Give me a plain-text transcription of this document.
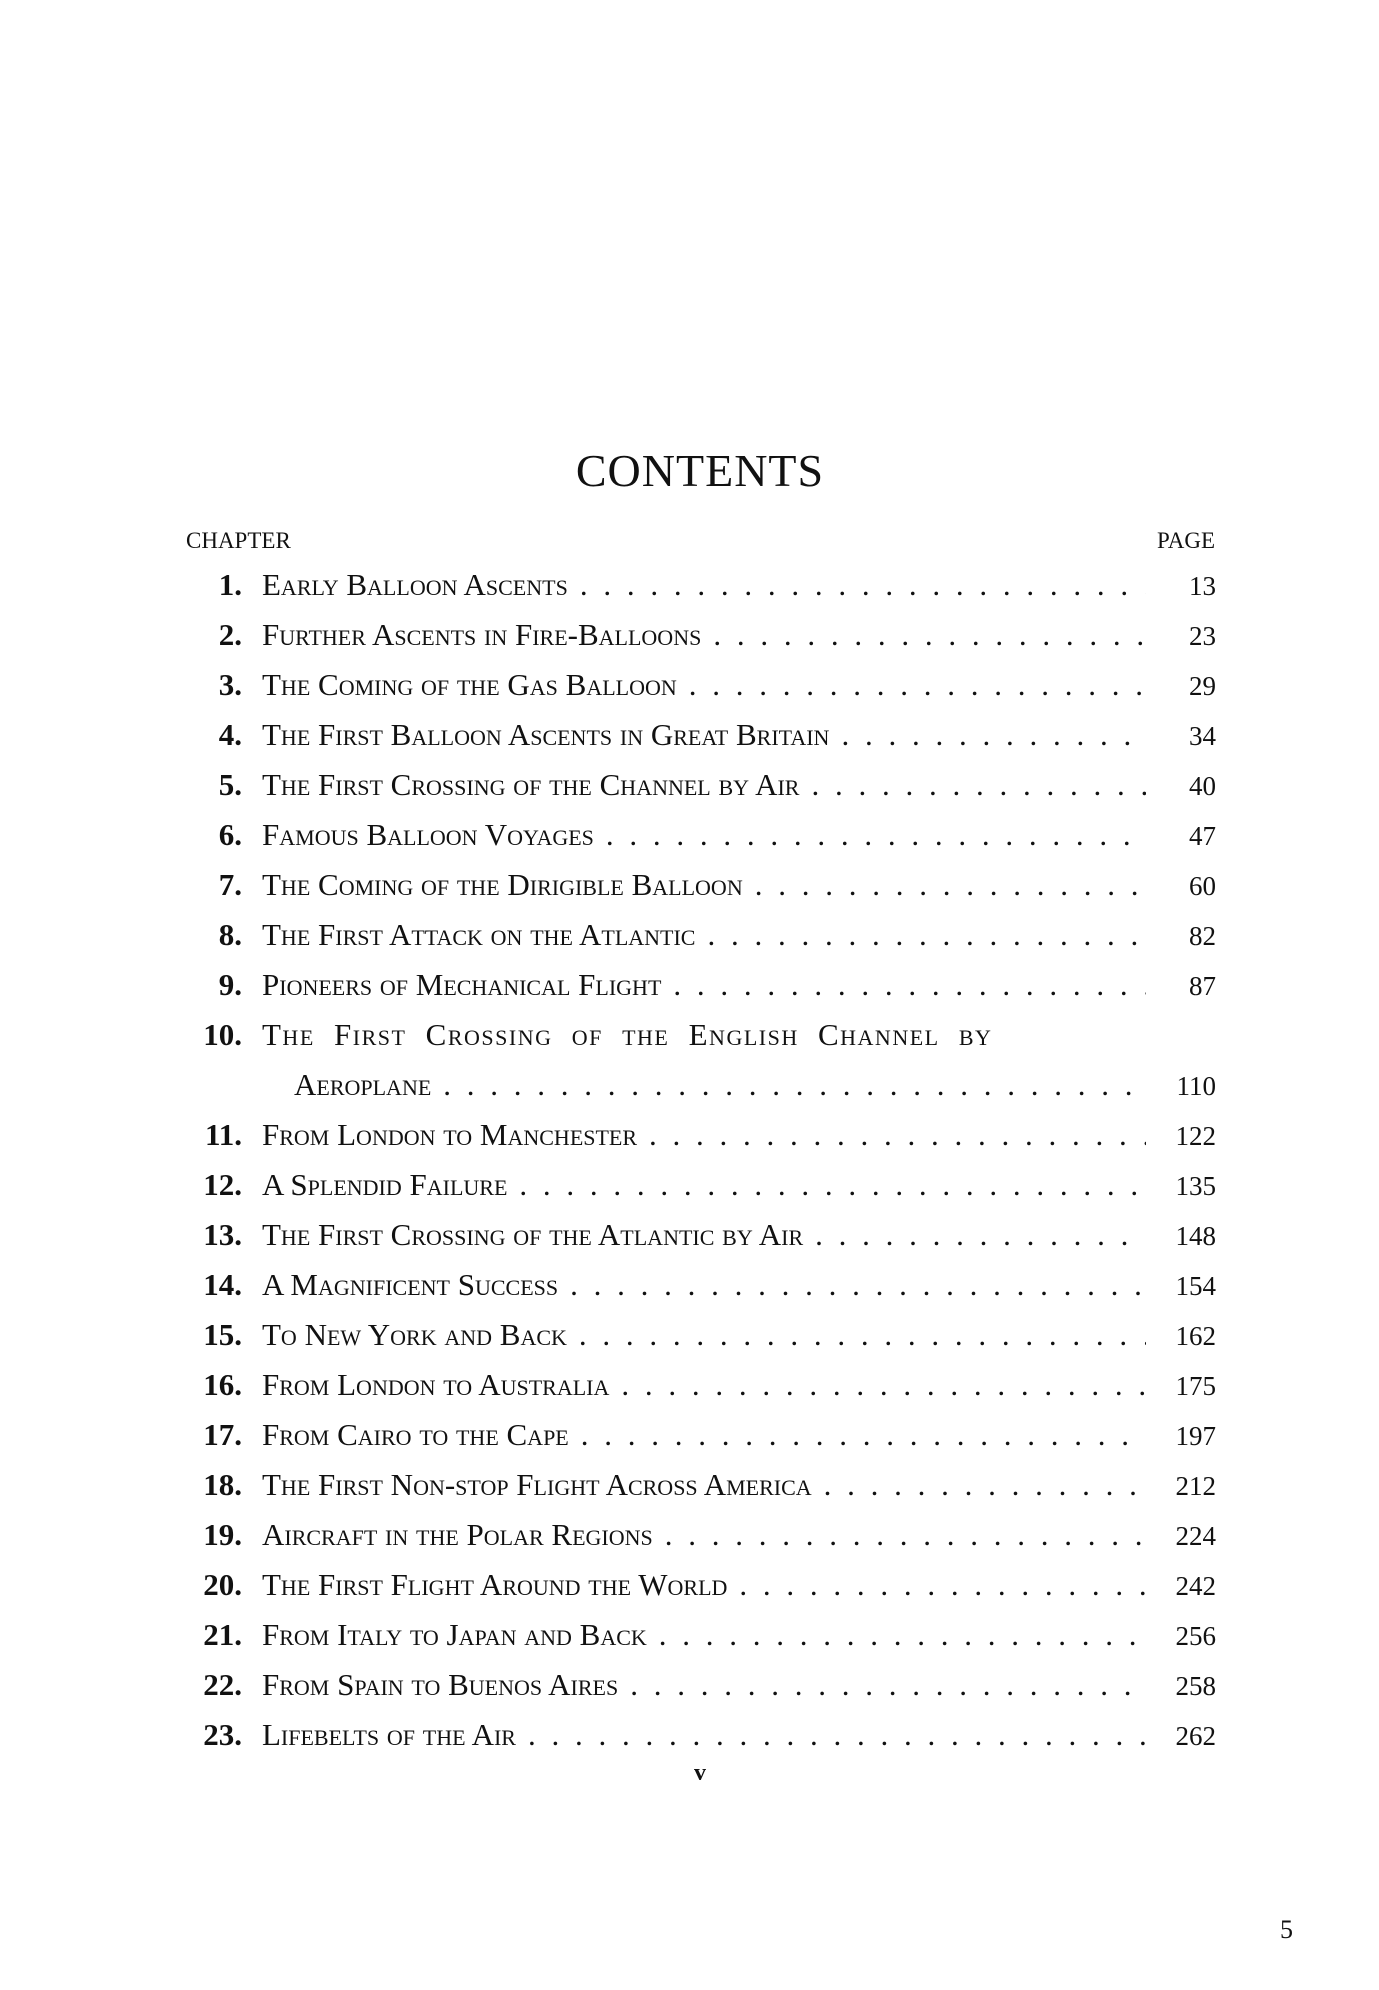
CONTENTS
CHAPTER	PAGE
1. Early Balloon Ascents . . .	13
2. Further Ascents in Fire-Balloons . . .	23
3. The Coming of the Gas Balloon . . .	29
4. The First Balloon Ascents in Great Britain . . .	34
5. The First Crossing of the Channel by Air . . .	40
6. Famous Balloon Voyages . . .	47
7. The Coming of the Dirigible Balloon . . .	60
8. The First Attack on the Atlantic . . .	82
9. Pioneers of Mechanical Flight . . .	87
10. The First Crossing of the English Channel by
Aeroplane . . .	110
11. From London to Manchester . . .	122
12. A Splendid Failure . . .	135
13. The First Crossing of the Atlantic by Air . . .	148
14. A Magnificent Success . . .	154
15. To New York and Back . . .	162
16. From London to Australia . . .	175
17. From Cairo to the Cape . . .	197
18. The First Non-stop Flight Across America . . .	212
19. Aircraft in the Polar Regions . . .	224
20. The First Flight Around the World . . .	242
21. From Italy to Japan and Back . . .	256
22. From Spain to Buenos Aires . . .	258
23. Lifebelts of the Air . . .	262
v
5
